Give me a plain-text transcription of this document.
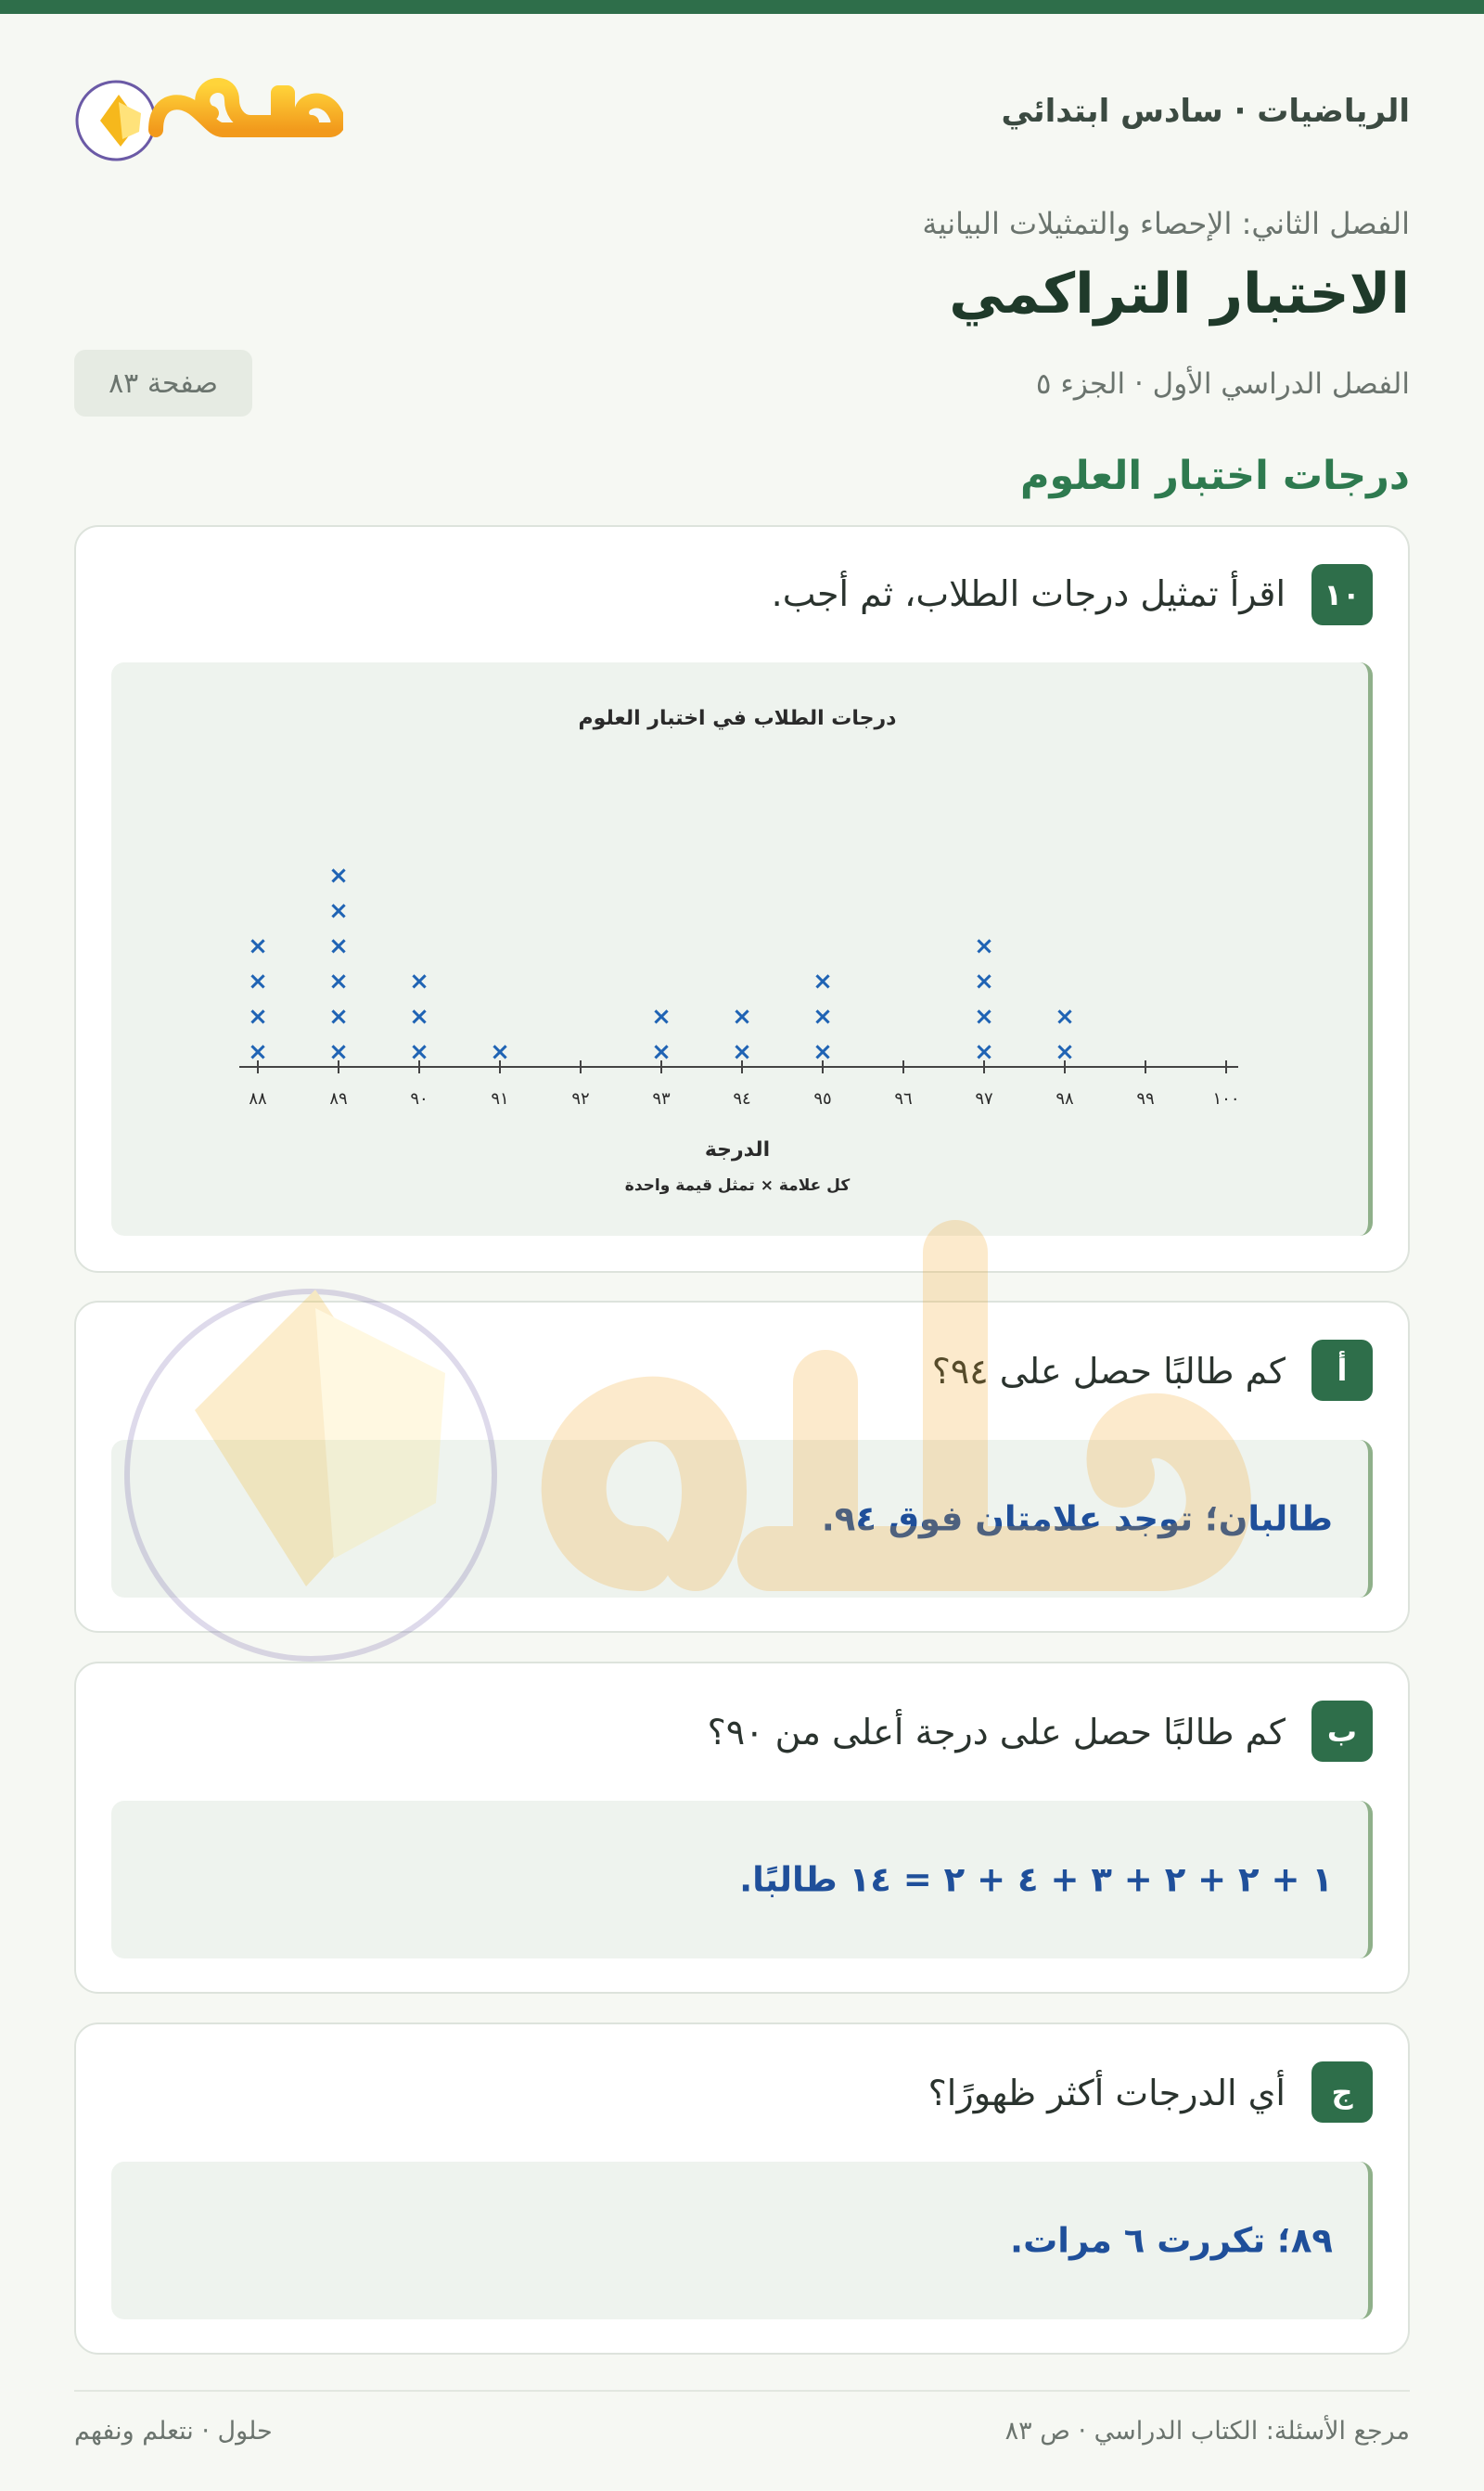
الرياضيات · سادس ابتدائي
حلول
الفصل الثاني: الإحصاء والتمثيلات البيانية
الاختبار التراكمي
الفصل الدراسي الأول · الجزء ٥
صفحة ٨٣
درجات اختبار العلوم
١٠
اقرأ تمثيل درجات الطلاب، ثم أجب.
درجات الطلاب في اختبار العلوم
٨٨	٨٩	٩٠	٩١	٩٢	٩٣	٩٤	٩٥	٩٦	٩٧	٩٨	٩٩	١٠٠
×
×
×
×
×
×
×
×
×
×
×
×
×
×	×
×
×
×
×
×
×
×
×
×
×
×
×
الدرجة
كل علامة × تمثل قيمة واحدة
أ
كم طالبًا حصل على ٩٤؟
طالبان؛ توجد علامتان فوق ٩٤.
ب
كم طالبًا حصل على درجة أعلى من ٩٠؟
١ + ٢ + ٢ + ٣ + ٤ + ٢ = ١٤ طالبًا.
ج
أي الدرجات أكثر ظهورًا؟
٨٩؛ تكررت ٦ مرات.
مرجع الأسئلة: الكتاب الدراسي · ص ٨٣
حلول · نتعلم ونفهم
